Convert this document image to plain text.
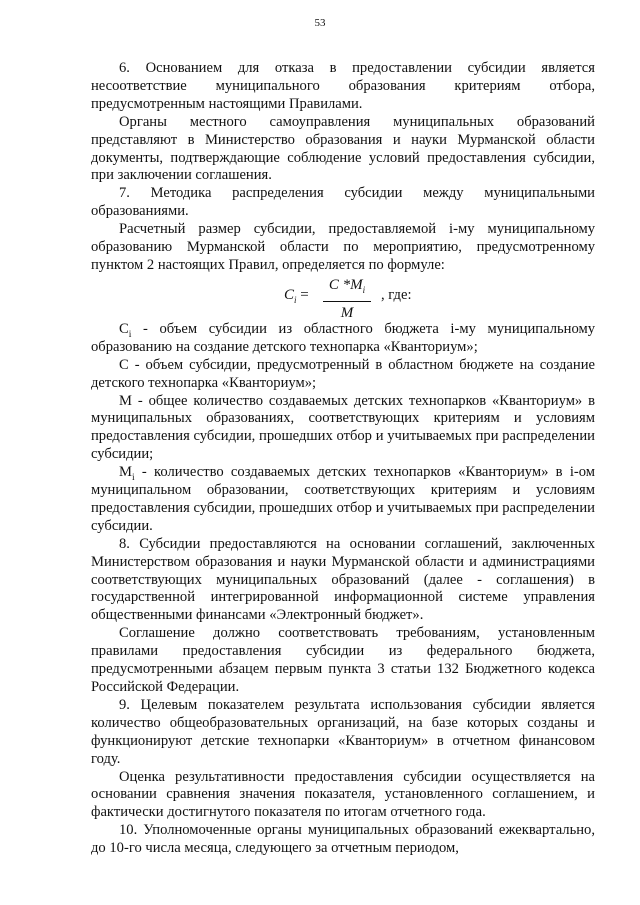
53

6. Основанием для отказа в предоставлении субсидии является несоответствие муниципального образования критериям отбора, предусмотренным настоящими Правилами.

Органы местного самоуправления муниципальных образований представляют в Министерство образования и науки Мурманской области документы, подтверждающие соблюдение условий предоставления субсидии, при заключении соглашения.

7. Методика распределения субсидии между муниципальными образованиями.

Расчетный размер субсидии, предоставляемой i-му муниципальному образованию Мурманской области по мероприятию, предусмотренному пунктом 2 настоящих Правил, определяется по формуле:

$C_i = \frac{C *M_i}{M}$ , где:

$C_i$ - объем субсидии из областного бюджета i-му муниципальному образованию на создание детского технопарка «Кванториум»;

С - объем субсидии, предусмотренный в областном бюджете на создание детского технопарка «Кванториум»;

М - общее количество создаваемых детских технопарков «Кванториум» в муниципальных образованиях, соответствующих критериям и условиям предоставления субсидии, прошедших отбор и учитываемых при распределении субсидии;

$M_i$ - количество создаваемых детских технопарков «Кванториум» в i-ом муниципальном образовании, соответствующих критериям и условиям предоставления субсидии, прошедших отбор и учитываемых при распределении субсидии.

8. Субсидии предоставляются на основании соглашений, заключенных Министерством образования и науки Мурманской области и администрациями соответствующих муниципальных образований (далее - соглашения) в государственной интегрированной информационной системе управления общественными финансами «Электронный бюджет».

Соглашение должно соответствовать требованиям, установленным правилами предоставления субсидии из федерального бюджета, предусмотренными абзацем первым пункта 3 статьи 132 Бюджетного кодекса Российской Федерации.

9. Целевым показателем результата использования субсидии является количество общеобразовательных организаций, на базе которых созданы и функционируют детские технопарки «Кванториум» в отчетном финансовом году.

Оценка результативности предоставления субсидии осуществляется на основании сравнения значения показателя, установленного соглашением, и фактически достигнутого показателя по итогам отчетного года.

10. Уполномоченные органы муниципальных образований ежеквартально, до 10-го числа месяца, следующего за отчетным периодом,
